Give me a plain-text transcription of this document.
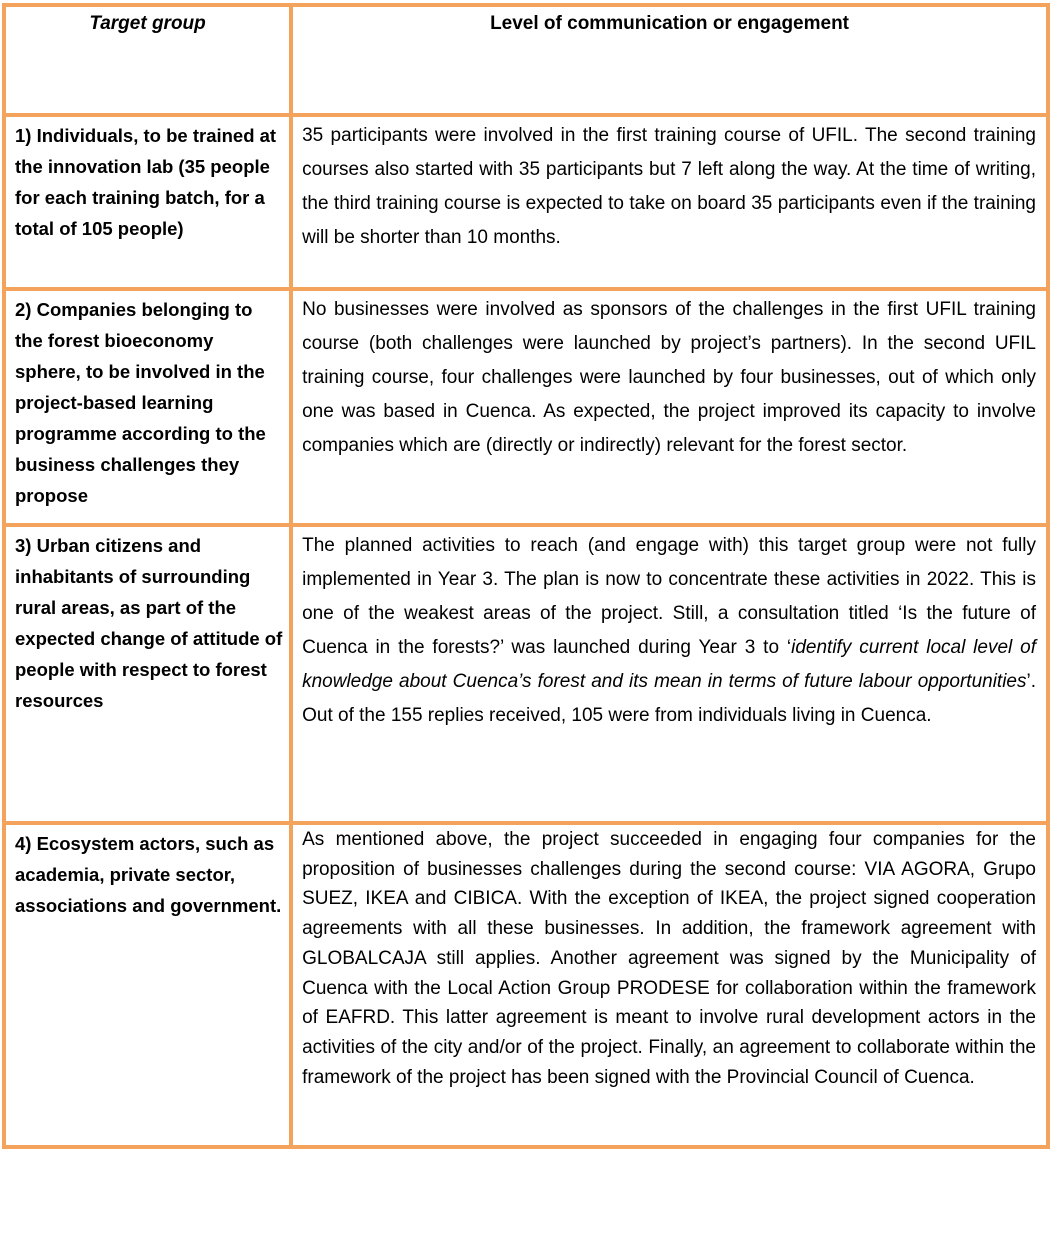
Target group	Level of communication or engagement
1) Individuals, to be trained at the innovation lab (35 people for each training batch, for a total of 105 people)	35 participants were involved in the first training course of UFIL. The second training courses also started with 35 participants but 7 left along the way. At the time of writing, the third training course is expected to take on board 35 participants even if the training will be shorter than 10 months.
2) Companies belonging to the forest bioeconomy sphere, to be involved in the project-based learning programme according to the business challenges they propose	No businesses were involved as sponsors of the challenges in the first UFIL training course (both challenges were launched by project’s partners). In the second UFIL training course, four challenges were launched by four businesses, out of which only one was based in Cuenca. As expected, the project improved its capacity to involve companies which are (directly or indirectly) relevant for the forest sector.
3) Urban citizens and inhabitants of surrounding rural areas, as part of the expected change of attitude of people with respect to forest resources	The planned activities to reach (and engage with) this target group were not fully implemented in Year 3. The plan is now to concentrate these activities in 2022. This is one of the weakest areas of the project. Still, a consultation titled ‘Is the future of Cuenca in the forests?’ was launched during Year 3 to ‘identify current local level of knowledge about Cuenca’s forest and its mean in terms of future labour opportunities’. Out of the 155 replies received, 105 were from individuals living in Cuenca.
4) Ecosystem actors, such as academia, private sector, associations and government.	As mentioned above, the project succeeded in engaging four companies for the proposition of businesses challenges during the second course: VIA AGORA, Grupo SUEZ, IKEA and CIBICA. With the exception of IKEA, the project signed cooperation agreements with all these businesses. In addition, the framework agreement with GLOBALCAJA still applies. Another agreement was signed by the Municipality of Cuenca with the Local Action Group PRODESE for collaboration within the framework of EAFRD. This latter agreement is meant to involve rural development actors in the activities of the city and/or of the project. Finally, an agreement to collaborate within the framework of the project has been signed with the Provincial Council of Cuenca.
